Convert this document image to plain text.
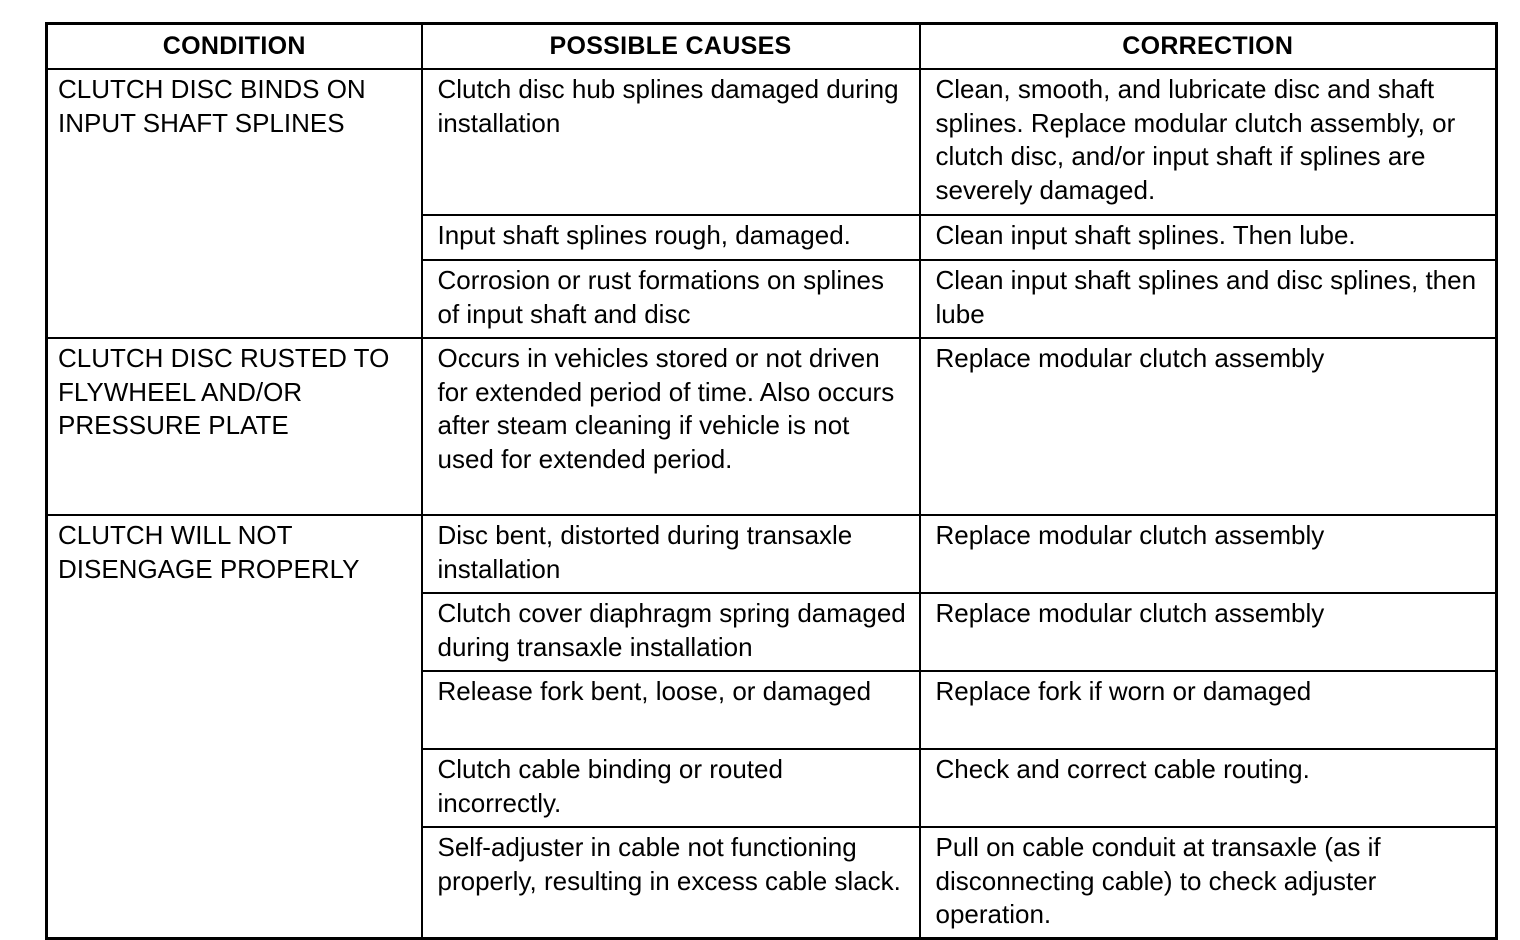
CONDITION	POSSIBLE CAUSES	CORRECTION
CLUTCH DISC BINDS ON INPUT SHAFT SPLINES	Clutch disc hub splines damaged during installation	Clean, smooth, and lubricate disc and shaft splines. Replace modular clutch assembly, or clutch disc, and/or input shaft if splines are severely damaged.
	Input shaft splines rough, damaged.	Clean input shaft splines. Then lube.
	Corrosion or rust formations on splines of input shaft and disc	Clean input shaft splines and disc splines, then lube
CLUTCH DISC RUSTED TO FLYWHEEL AND/OR PRESSURE PLATE	Occurs in vehicles stored or not driven for extended period of time. Also occurs after steam cleaning if vehicle is not used for extended period.	Replace modular clutch assembly
CLUTCH WILL NOT DISENGAGE PROPERLY	Disc bent, distorted during transaxle installation	Replace modular clutch assembly
	Clutch cover diaphragm spring damaged during transaxle installation	Replace modular clutch assembly
	Release fork bent, loose, or damaged	Replace fork if worn or damaged
	Clutch cable binding or routed incorrectly.	Check and correct cable routing.
	Self-adjuster in cable not functioning properly, resulting in excess cable slack.	Pull on cable conduit at transaxle (as if disconnecting cable) to check adjuster operation.
